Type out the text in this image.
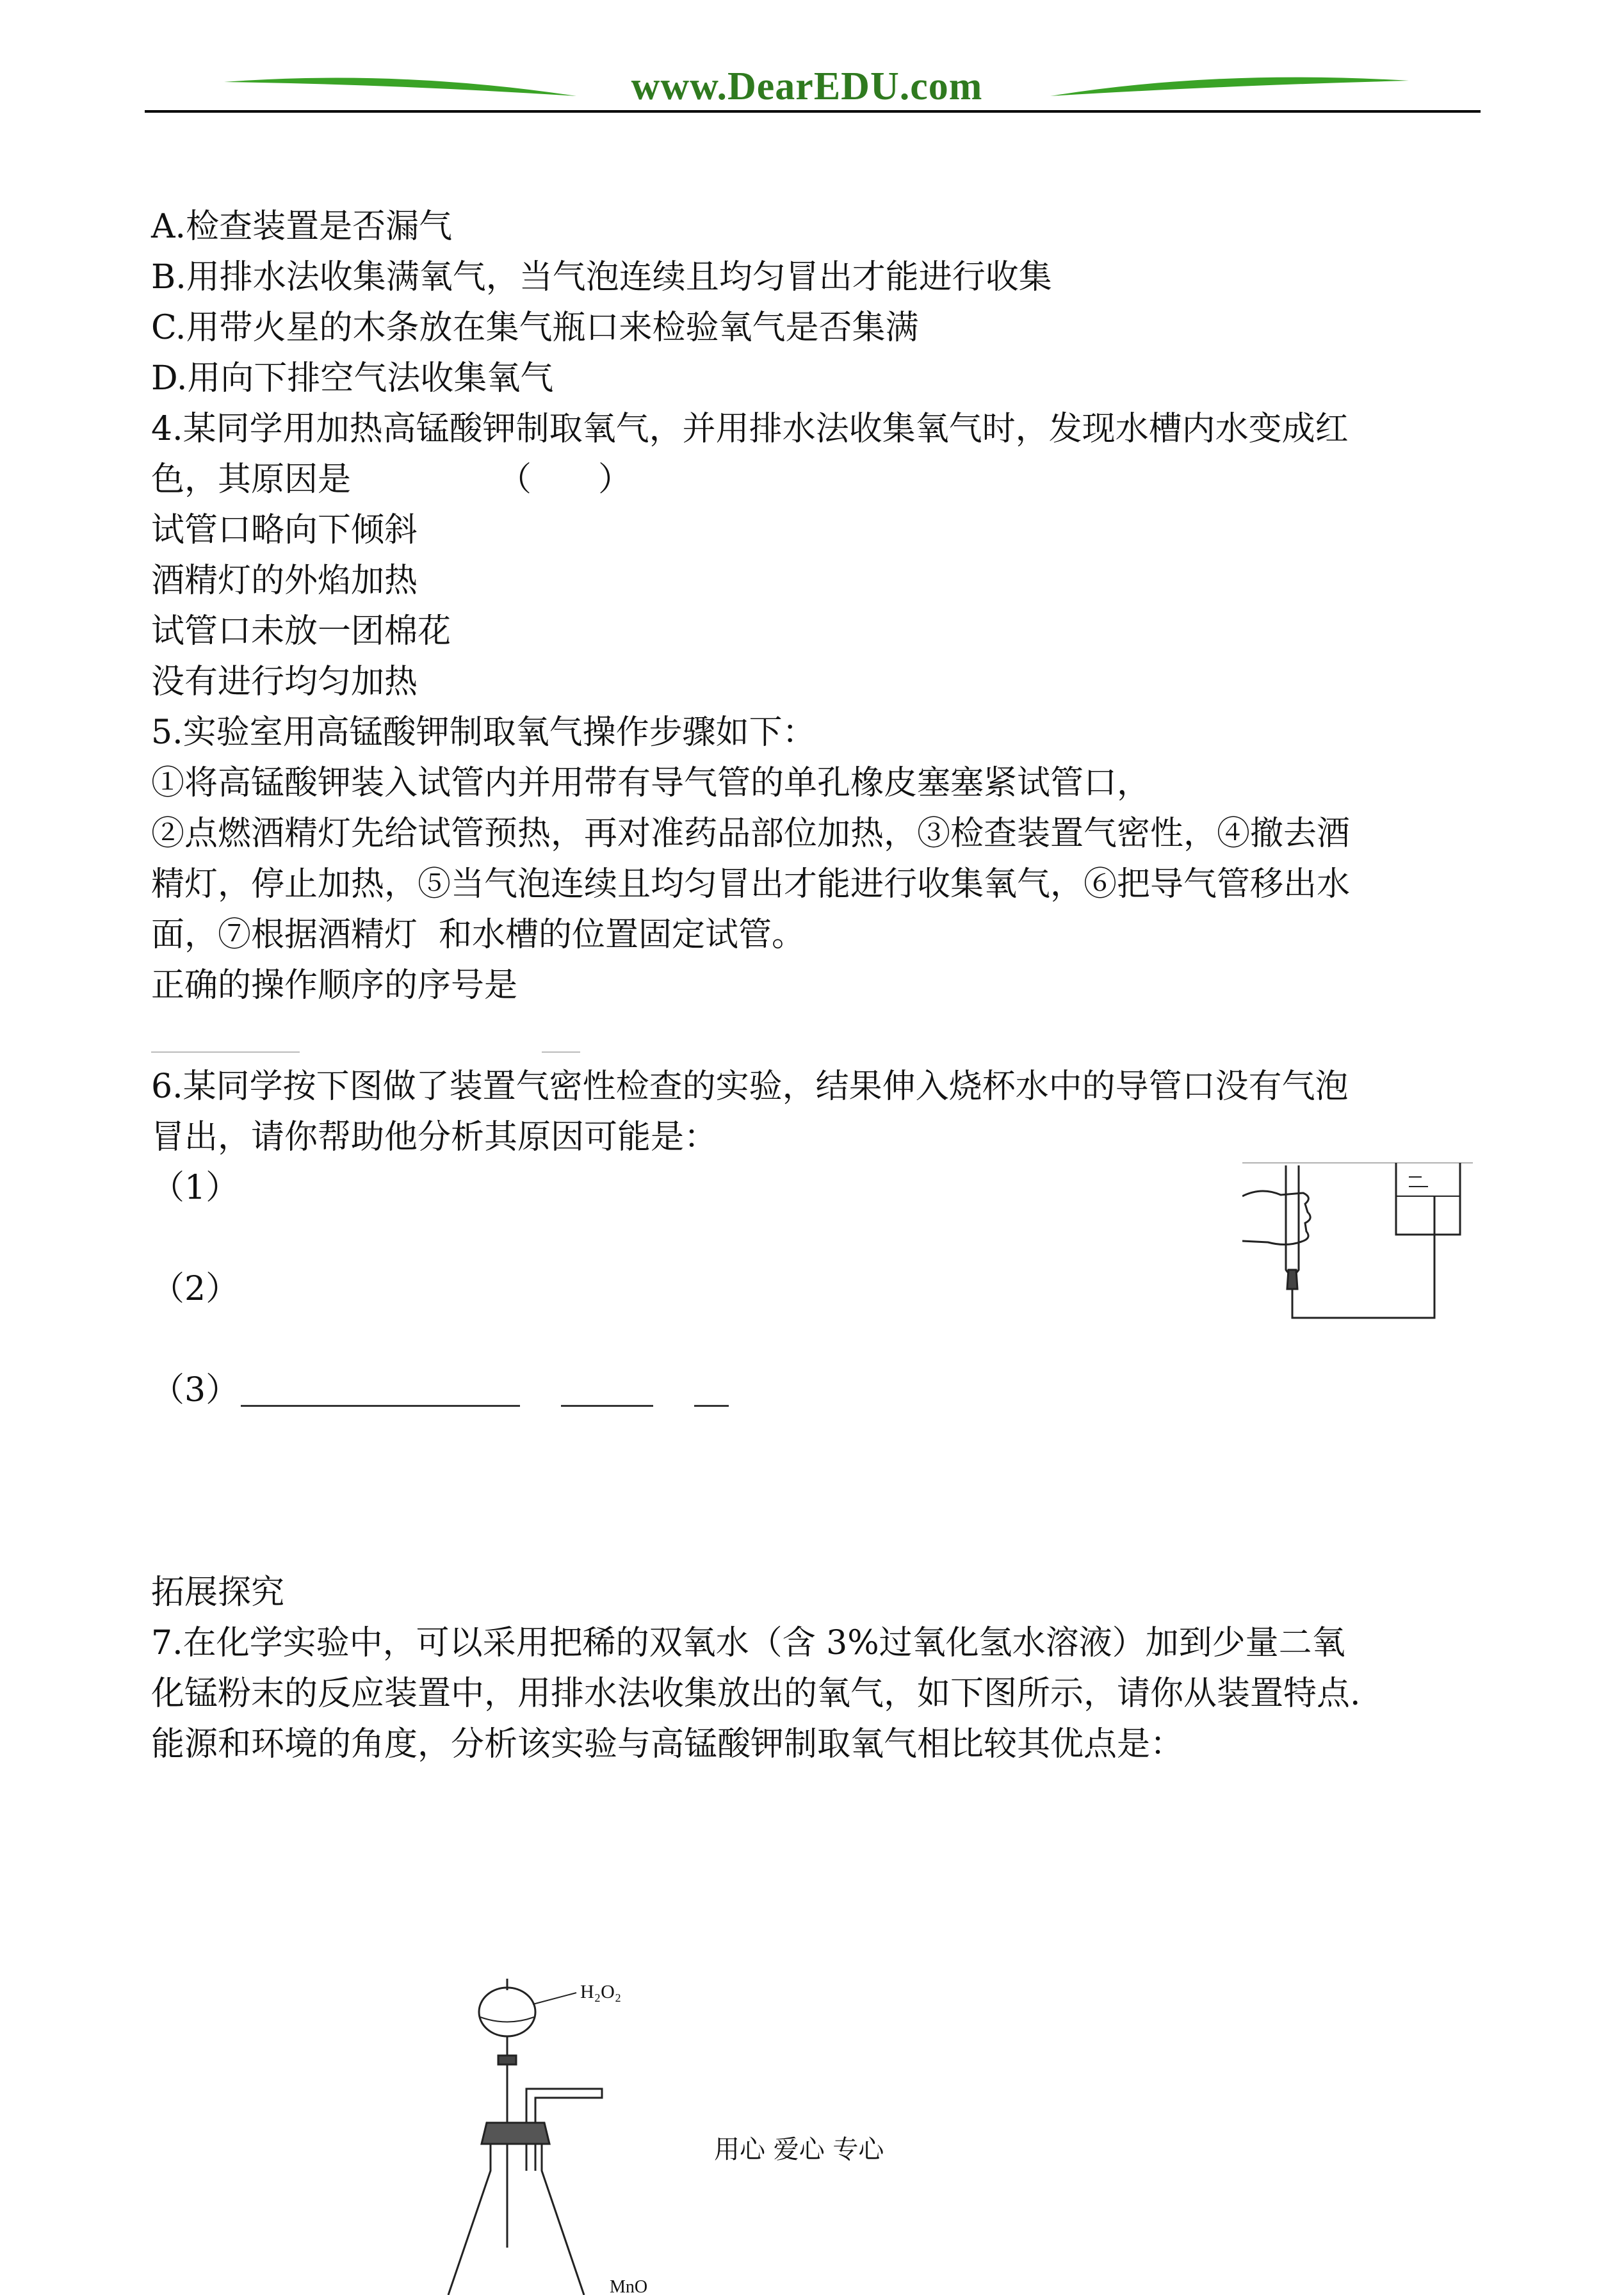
www.DearEDU.com
A.检查装置是否漏气
B.用排水法收集满氧气，当气泡连续且均匀冒出才能进行收集
C.用带火星的木条放在集气瓶口来检验氧气是否集满
D.用向下排空气法收集氧气
4.某同学用加热高锰酸钾制取氧气，并用排水法收集氧气时，发现水槽内水变成红
色，其原因是	（　　）
试管口略向下倾斜
酒精灯的外焰加热
试管口未放一团棉花
没有进行均匀加热
5.实验室用高锰酸钾制取氧气操作步骤如下：
①将高锰酸钾装入试管内并用带有导气管的单孔橡皮塞塞紧试管口，
②点燃酒精灯先给试管预热，再对准药品部位加热，③检查装置气密性，④撤去酒
精灯，停止加热，⑤当气泡连续且均匀冒出才能进行收集氧气，⑥把导气管移出水
面，⑦根据酒精灯  和水槽的位置固定试管。
正确的操作顺序的序号是
6.某同学按下图做了装置气密性检查的实验，结果伸入烧杯水中的导管口没有气泡
冒出，请你帮助他分析其原因可能是：
（1）
（2）
（3）
拓展探究
7.在化学实验中，可以采用把稀的双氧水（含 3%过氧化氢水溶液）加到少量二氧
化锰粉末的反应装置中，用排水法收集放出的氧气，如下图所示，请你从装置特点.
能源和环境的角度，分析该实验与高锰酸钾制取氧气相比较其优点是：
H₂O₂
MnO
用心 爱心 专心
